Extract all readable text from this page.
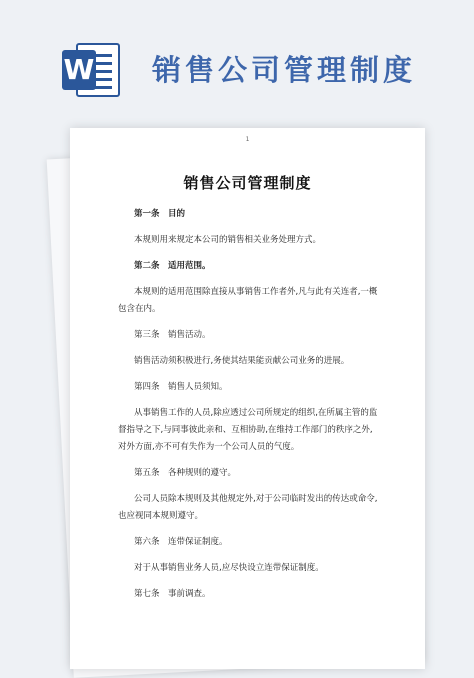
W 销售公司管理制度
1
销售公司管理制度

第一条　目的

本规则用来规定本公司的销售相关业务处理方式。

第二条　适用范围。

本规则的适用范围除直接从事销售工作者外,凡与此有关连者,一概包含在内。

第三条　销售活动。

销售活动须积极进行,务使其结果能贡献公司业务的进展。

第四条　销售人员须知。

从事销售工作的人员,除应透过公司所规定的组织,在所属主管的监督指导之下,与同事彼此亲和、互相协助,在维持工作部门的秩序之外,对外方面,亦不可有失作为一个公司人员的气度。

第五条　各种规则的遵守。

公司人员除本规则及其他规定外,对于公司临时发出的传达或命令,也应视同本规则遵守。

第六条　连带保证制度。

对于从事销售业务人员,应尽快设立连带保证制度。

第七条　事前调查。
